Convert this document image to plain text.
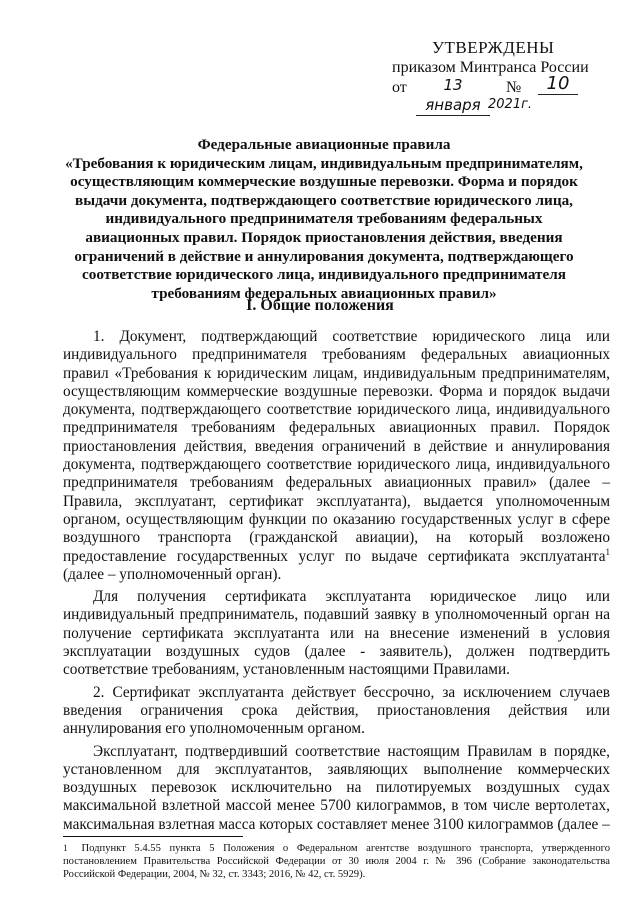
УТВЕРЖДЕНЫ
приказом Минтранса России
от	13 января
№	10
2021г.
Федеральные авиационные правила
«Требования к юридическим лицам, индивидуальным предпринимателям, осуществляющим коммерческие воздушные перевозки. Форма и порядок выдачи документа, подтверждающего соответствие юридического лица, индивидуального предпринимателя требованиям федеральных авиационных правил. Порядок приостановления действия, введения ограничений в действие и аннулирования документа, подтверждающего соответствие юридического лица, индивидуального предпринимателя требованиям федеральных авиационных правил»
I. Общие положения

1. Документ, подтверждающий соответствие юридического лица или индивидуального предпринимателя требованиям федеральных авиационных правил «Требования к юридическим лицам, индивидуальным предпринимателям, осуществляющим коммерческие воздушные перевозки. Форма и порядок выдачи документа, подтверждающего соответствие юридического лица, индивидуального предпринимателя требованиям федеральных авиационных правил. Порядок приостановления действия, введения ограничений в действие и аннулирования документа, подтверждающего соответствие юридического лица, индивидуального предпринимателя требованиям федеральных авиационных правил» (далее – Правила, эксплуатант, сертификат эксплуатанта), выдается уполномоченным органом, осуществляющим функции по оказанию государственных услуг в сфере воздушного транспорта (гражданской авиации), на который возложено предоставление государственных услуг по выдаче сертификата эксплуатанта$^1$ (далее – уполномоченный орган).

Для получения сертификата эксплуатанта юридическое лицо или индивидуальный предприниматель, подавший заявку в уполномоченный орган на получение сертификата эксплуатанта или на внесение изменений в условия эксплуатации воздушных судов (далее - заявитель), должен подтвердить соответствие требованиям, установленным настоящими Правилами.

2. Сертификат эксплуатанта действует бессрочно, за исключением случаев введения ограничения срока действия, приостановления действия или аннулирования его уполномоченным органом.

Эксплуатант, подтвердивший соответствие настоящим Правилам в порядке, установленном для эксплуатантов, заявляющих выполнение коммерческих воздушных перевозок исключительно на пилотируемых воздушных судах максимальной взлетной массой менее 5700 килограммов, в том числе вертолетах, максимальная взлетная масса которых составляет менее 3100 килограммов (далее –

$^1$ Подпункт 5.4.55 пункта 5 Положения о Федеральном агентстве воздушного транспорта, утвержденного постановлением Правительства Российской Федерации от 30 июля 2004 г. № 396 (Собрание законодательства Российской Федерации, 2004, № 32, ст. 3343; 2016, № 42, ст. 5929).
